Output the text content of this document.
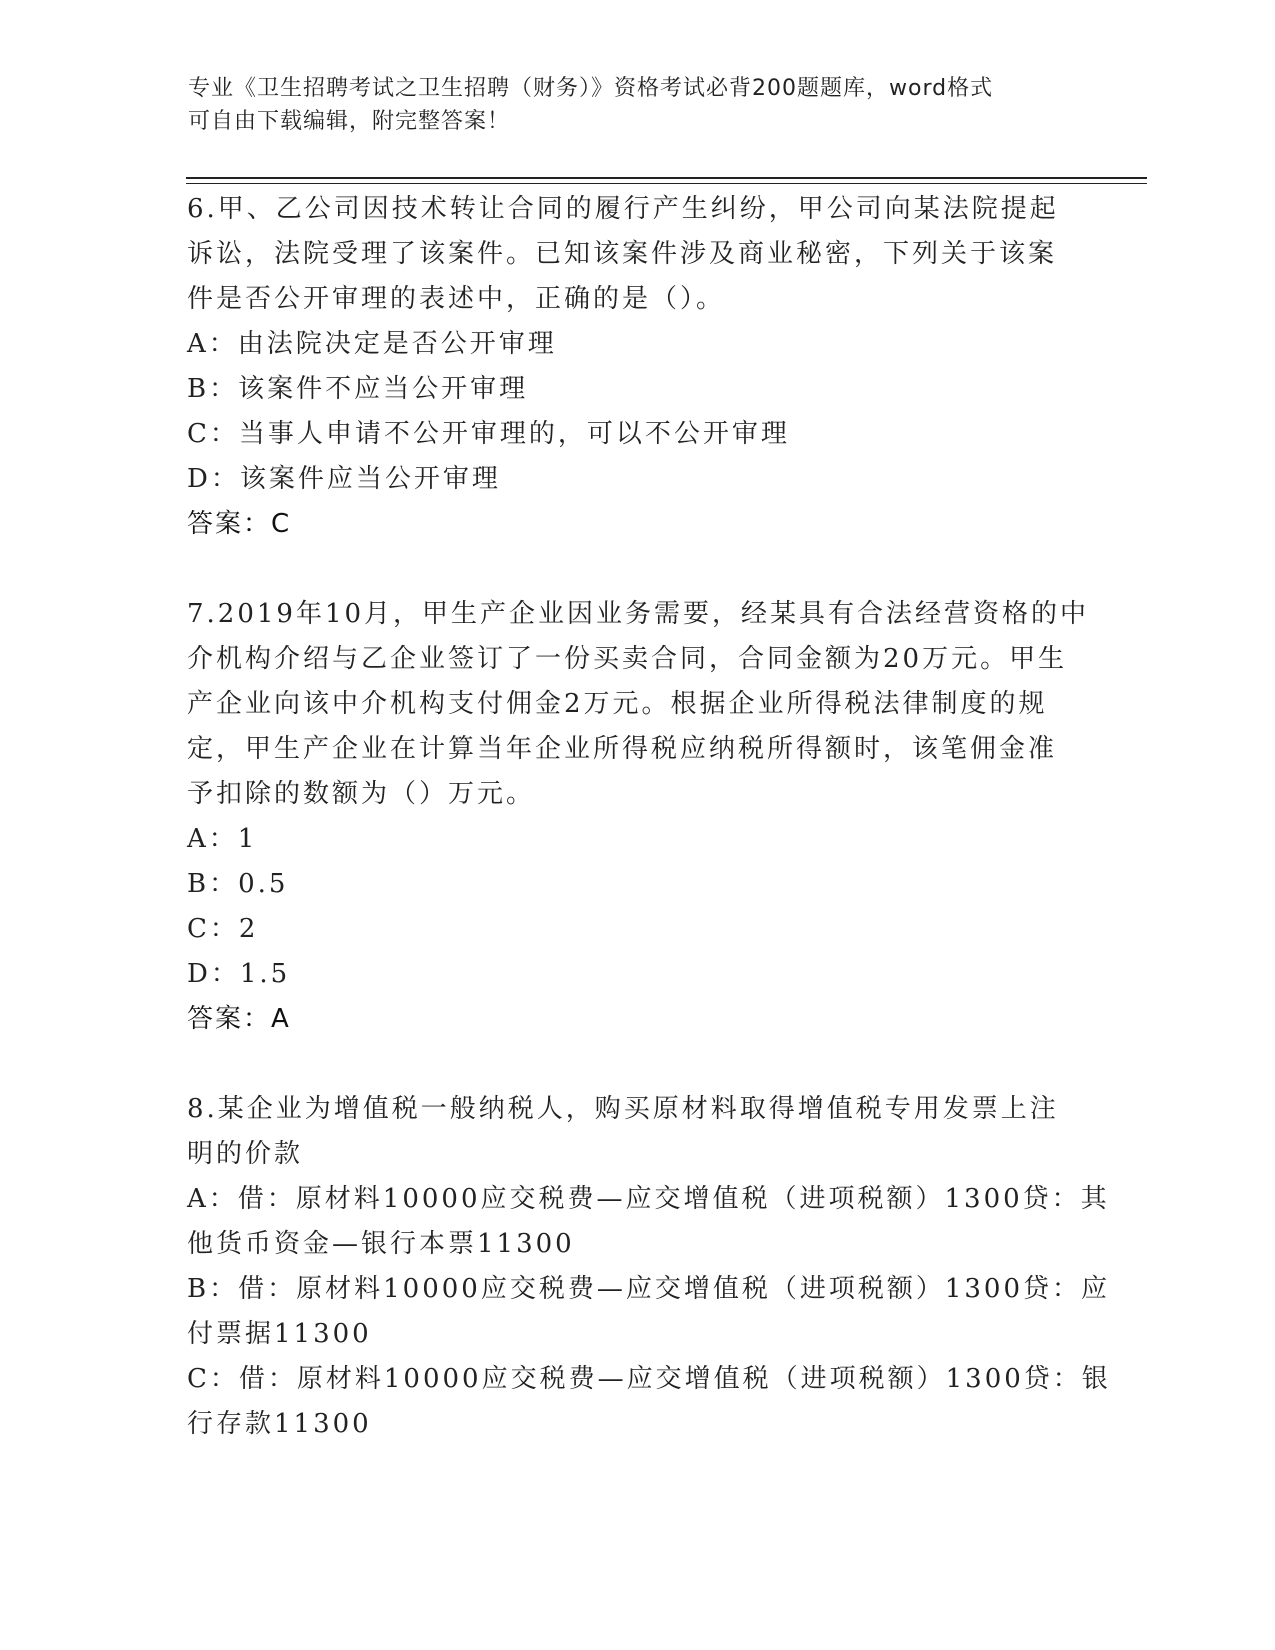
专业《卫生招聘考试之卫生招聘（财务）》资格考试必背200题题库，word格式
可自由下载编辑，附完整答案！
6.甲、乙公司因技术转让合同的履行产生纠纷，甲公司向某法院提起
诉讼，法院受理了该案件。已知该案件涉及商业秘密，下列关于该案
件是否公开审理的表述中，正确的是（）。
A：由法院决定是否公开审理
B：该案件不应当公开审理
C：当事人申请不公开审理的，可以不公开审理
D：该案件应当公开审理
答案：C
7.2019年10月，甲生产企业因业务需要，经某具有合法经营资格的中
介机构介绍与乙企业签订了一份买卖合同，合同金额为20万元。甲生
产企业向该中介机构支付佣金2万元。根据企业所得税法律制度的规
定，甲生产企业在计算当年企业所得税应纳税所得额时，该笔佣金准
予扣除的数额为（）万元。
A：1
B：0.5
C：2
D：1.5
答案：A
8.某企业为增值税一般纳税人，购买原材料取得增值税专用发票上注
明的价款
A：借：原材料10000应交税费—应交增值税（进项税额）1300贷：其
他货币资金—银行本票11300
B：借：原材料10000应交税费—应交增值税（进项税额）1300贷：应
付票据11300
C：借：原材料10000应交税费—应交增值税（进项税额）1300贷：银
行存款11300
